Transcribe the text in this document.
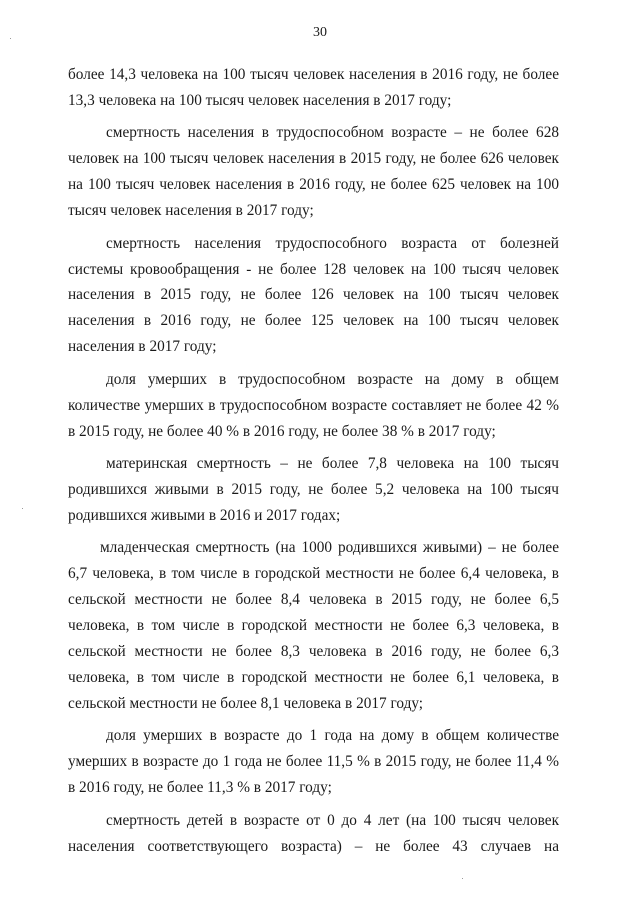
30

более 14,3 человека на 100 тысяч человек населения в 2016 году, не более 13,3 человека на 100 тысяч человек населения в 2017 году;

смертность населения в трудоспособном возрасте – не более 628 человек на 100 тысяч человек населения в 2015 году, не более 626 человек на 100 тысяч человек населения в 2016 году, не более 625 человек на 100 тысяч человек населения в 2017 году;

смертность населения трудоспособного возраста от болезней системы кровообращения - не более 128 человек на 100 тысяч человек населения в 2015 году, не более 126 человек на 100 тысяч человек населения в 2016 году, не более 125 человек на 100 тысяч человек населения в 2017 году;

доля умерших в трудоспособном возрасте на дому в общем количестве умерших в трудоспособном возрасте составляет не более 42 % в 2015 году, не более 40 % в 2016 году, не более 38 % в 2017 году;

материнская смертность – не более 7,8 человека на 100 тысяч родившихся живыми в 2015 году, не более 5,2 человека на 100 тысяч родившихся живыми в 2016 и 2017 годах;

младенческая смертность (на 1000 родившихся живыми) – не более 6,7 человека, в том числе в городской местности не более 6,4 человека, в сельской местности не более 8,4 человека в 2015 году, не более 6,5 человека, в том числе в городской местности не более 6,3 человека, в сельской местности не более 8,3 человека в 2016 году, не более 6,3 человека, в том числе в городской местности не более 6,1 человека, в сельской местности не более 8,1 человека в 2017 году;

доля умерших в возрасте до 1 года на дому в общем количестве умерших в возрасте до 1 года не более 11,5 % в 2015 году, не более 11,4 % в 2016 году, не более 11,3 % в 2017 году;

смертность детей в возрасте от 0 до 4 лет (на 100 тысяч человек населения соответствующего возраста) – не более 43 случаев на
